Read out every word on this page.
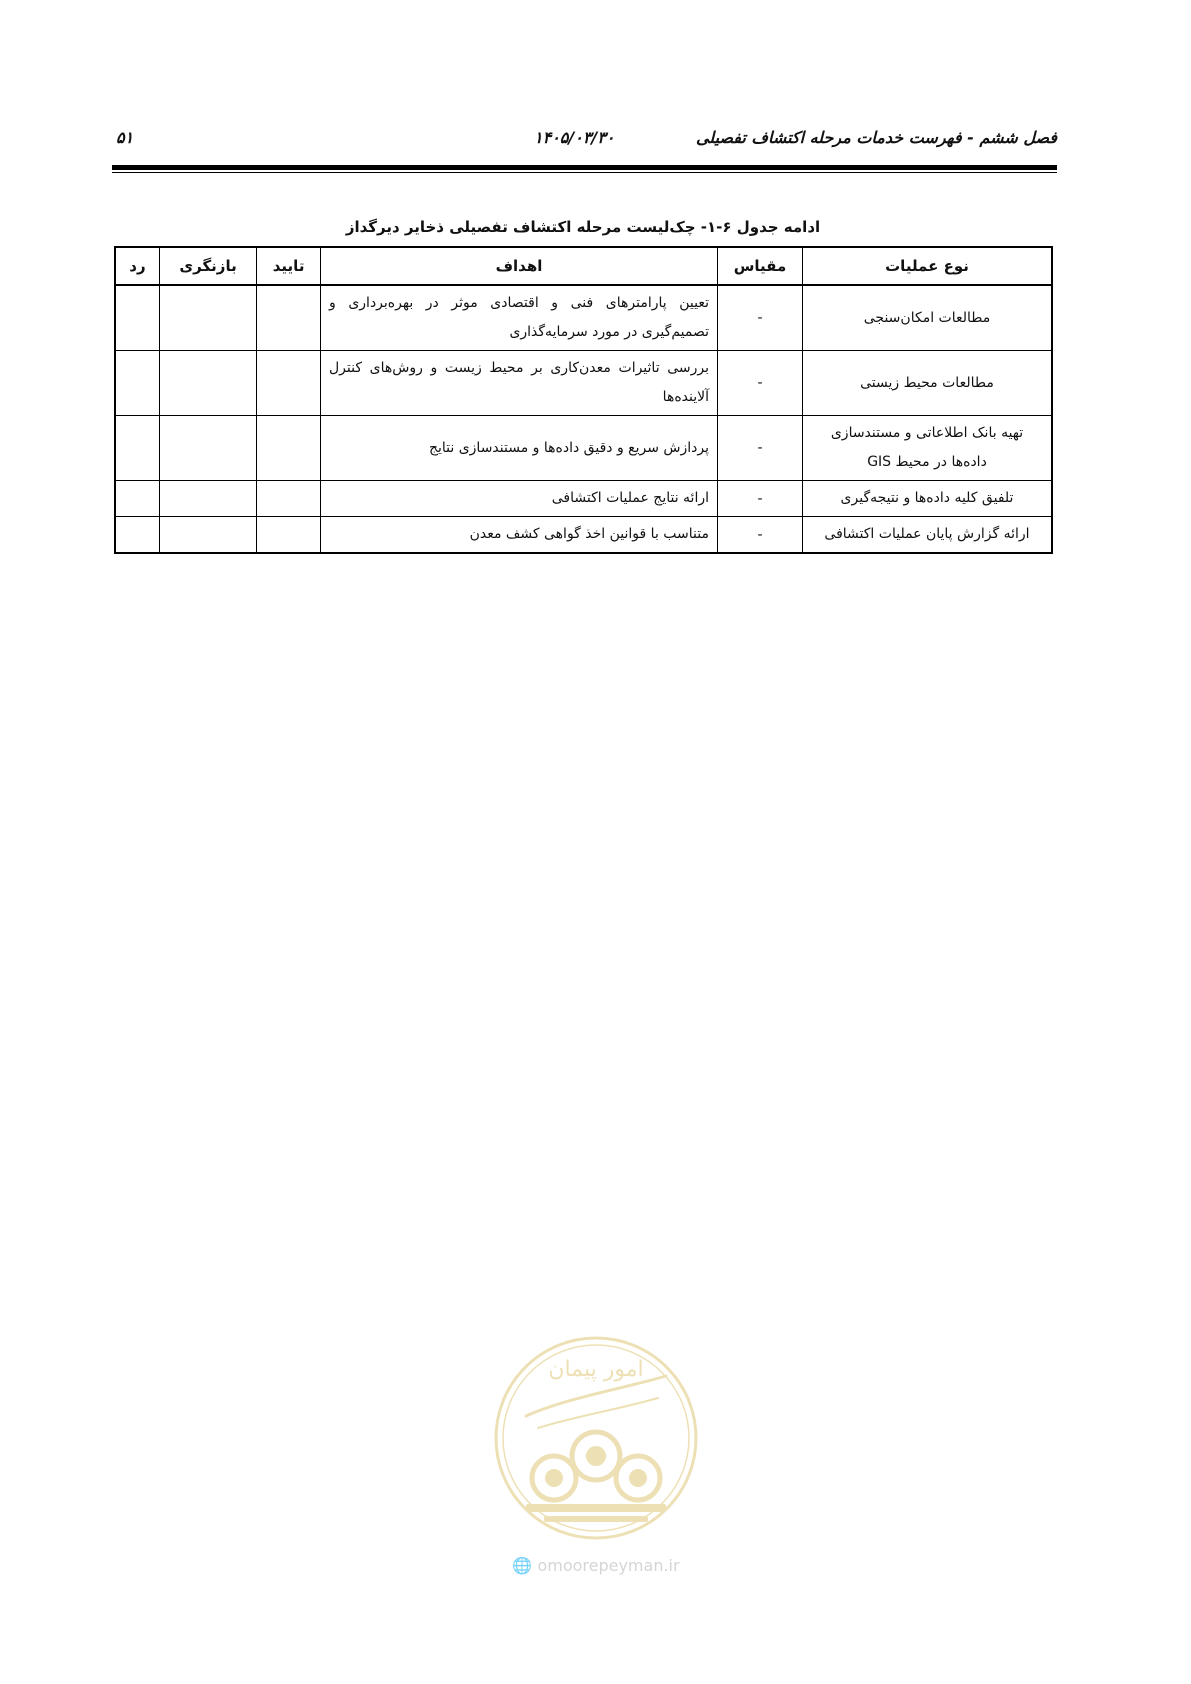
فصل ششم - فهرست خدمات مرحله اکتشاف تفصیلی
۱۴۰۵/۰۳/۳۰
۵۱
ادامه جدول ۶-۱- چک‌لیست مرحله اکتشاف تفصیلی ذخایر دیرگداز
نوع عملیات	مقیاس	اهداف	تایید	بازنگری	رد
مطالعات امکان‌سنجی	-	تعیین پارامترهای فنی و اقتصادی موثر در بهره‌برداری و تصمیم‌گیری در مورد سرمایه‌گذاری			
مطالعات محیط زیستی	-	بررسی تاثیرات معدن‌کاری بر محیط زیست و روش‌های کنترل آلاینده‌ها			
تهیه بانک اطلاعاتی و مستندسازی داده‌ها در محیط GIS	-	پردازش سریع و دقیق داده‌ها و مستندسازی نتایج			
تلفیق کلیه داده‌ها و نتیجه‌گیری	-	ارائه نتایج عملیات اکتشافی			
ارائه گزارش پایان عملیات اکتشافی	-	متناسب با قوانین اخذ گواهی کشف معدن			
امور پیمان
🌐 omoorepeyman.ir
